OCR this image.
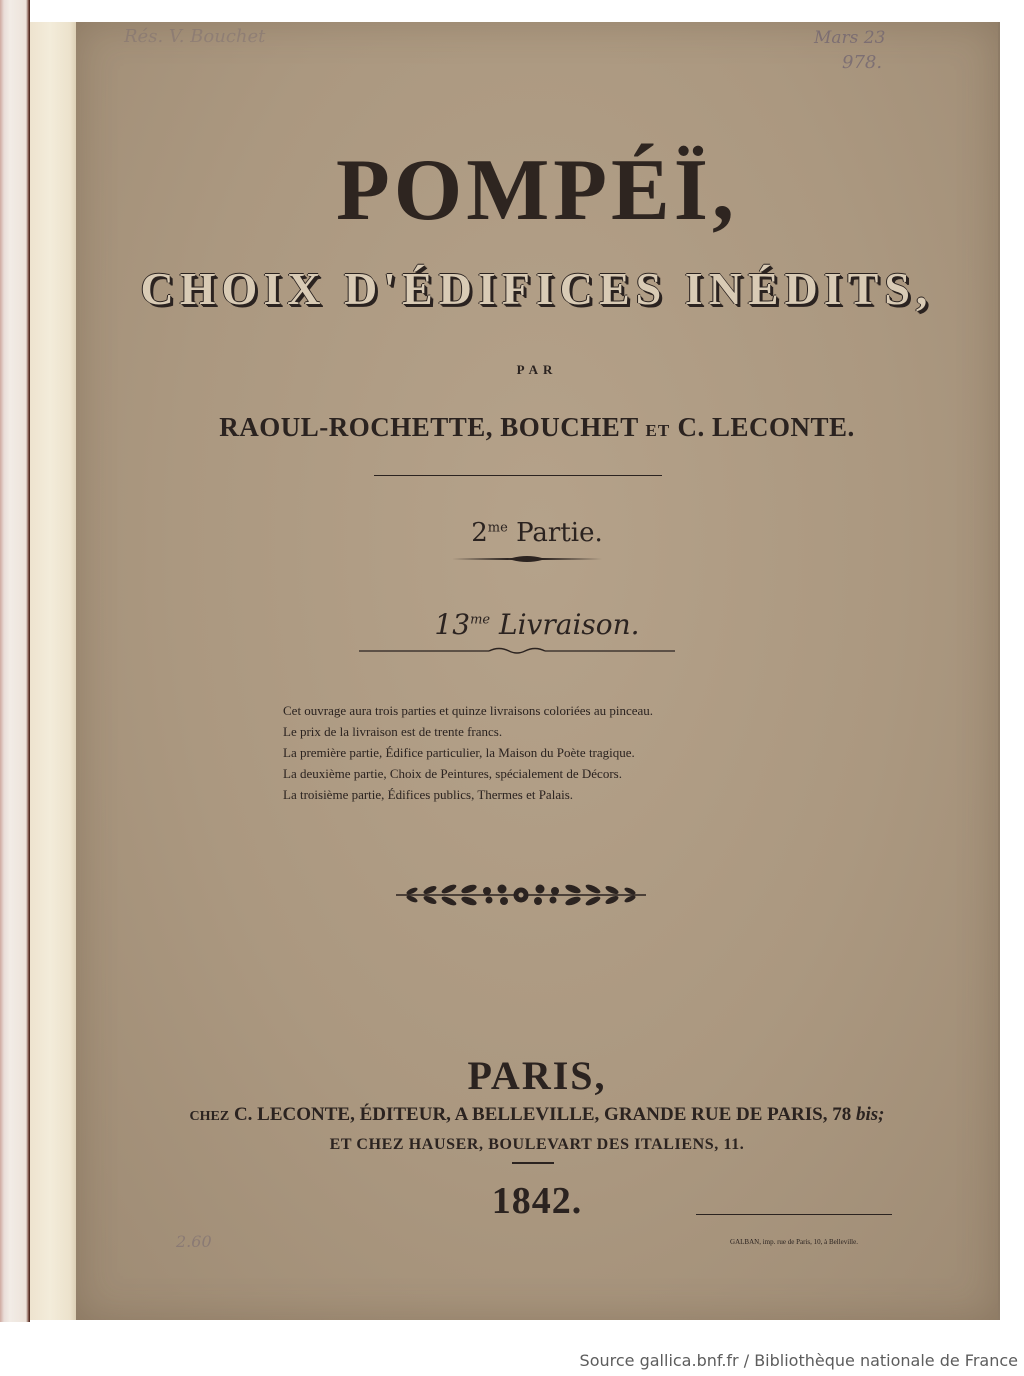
Rés. V. Bouchet	Mars 23
978.
2.60
POMPÉÏ,
CHOIX D'ÉDIFICES INÉDITS,
PAR
RAOUL-ROCHETTE, BOUCHET ET C. LECONTE.
$2^{me}$ Partie.
$13^{me}$ Livraison.
Cet ouvrage aura trois parties et quinze livraisons coloriées au pinceau.
Le prix de la livraison est de trente francs.
La première partie, Édifice particulier, la Maison du Poète tragique.
La deuxième partie, Choix de Peintures, spécialement de Décors.
La troisième partie, Édifices publics, Thermes et Palais.
PARIS,
CHEZ C. LECONTE, ÉDITEUR, A BELLEVILLE, GRANDE RUE DE PARIS, 78 bis;
ET CHEZ HAUSER, BOULEVART DES ITALIENS, 11.
1842.
GALBAN, imp. rue de Paris, 10, à Belleville.
Source gallica.bnf.fr / Bibliothèque nationale de France
